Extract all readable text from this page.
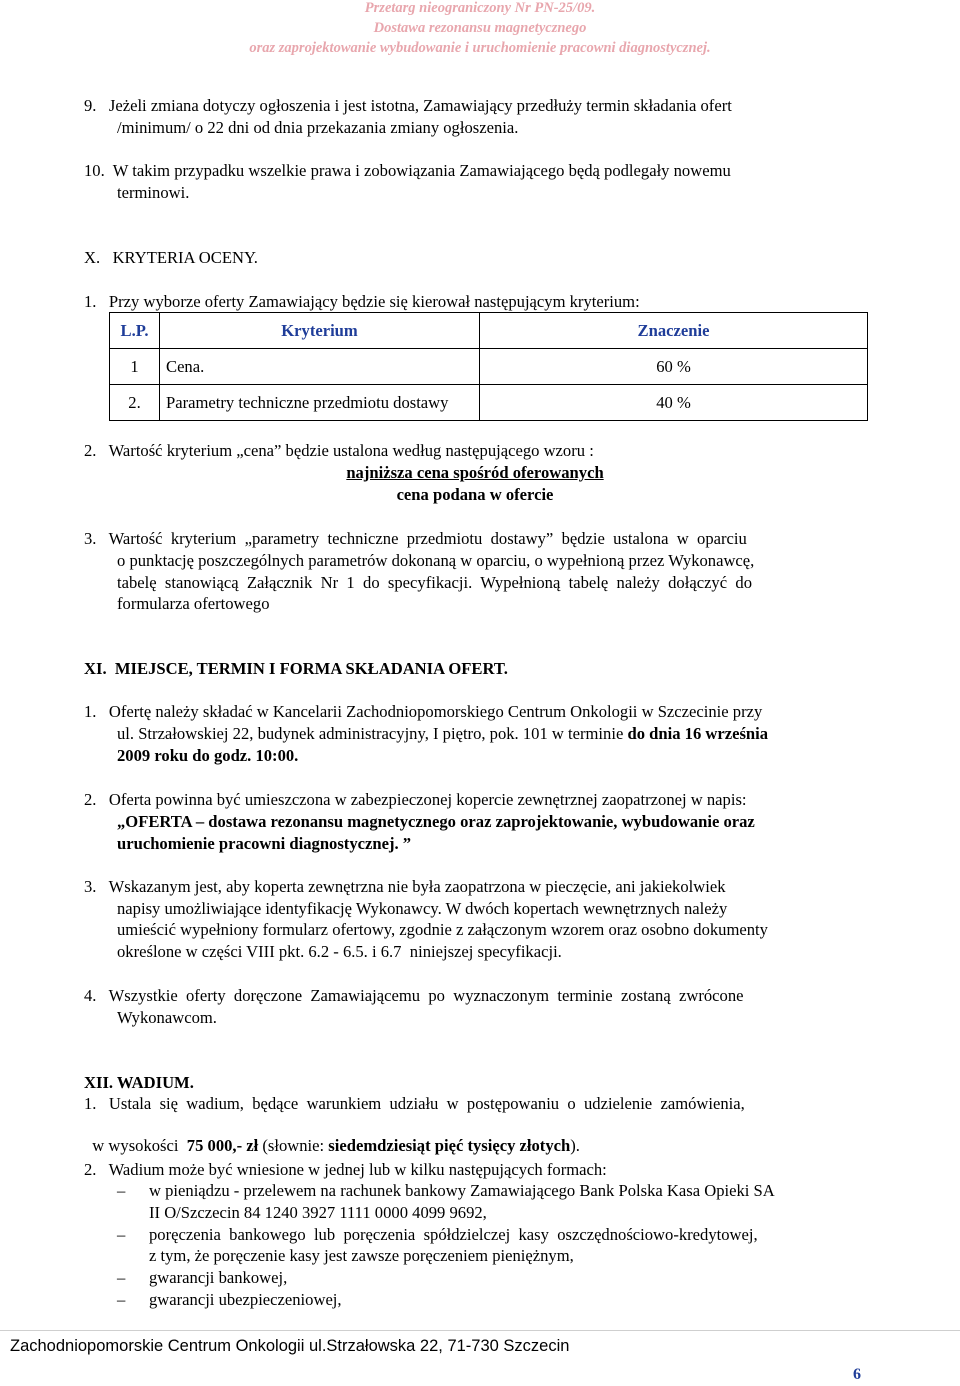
Przetarg nieograniczony Nr PN-25/09.
Dostawa rezonansu magnetycznego
oraz zaprojektowanie wybudowanie i uruchomienie pracowni diagnostycznej.
9.   Jeżeli zmiana dotyczy ogłoszenia i jest istotna, Zamawiający przedłuży termin składania ofert
/minimum/ o 22 dni od dnia przekazania zmiany ogłoszenia.
10.  W takim przypadku wszelkie prawa i zobowiązania Zamawiającego będą podlegały nowemu
terminowi.
X.   KRYTERIA OCENY.
1.   Przy wyborze oferty Zamawiający będzie się kierował następującym kryterium:
L.P.	Kryterium	Znaczenie
1	Cena.	60 %
2.	Parametry techniczne przedmiotu dostawy	40 %
2.   Wartość kryterium „cena” będzie ustalona według następującego wzoru :
najniższa cena spośród oferowanych
cena podana w ofercie
3.   Wartość  kryterium  „parametry  techniczne  przedmiotu  dostawy”  będzie  ustalona  w  oparciu
o punktację poszczególnych parametrów dokonaną w oparciu, o wypełnioną przez Wykonawcę,
tabelę  stanowiącą  Załącznik  Nr  1  do  specyfikacji.  Wypełnioną  tabelę  należy  dołączyć  do
formularza ofertowego
XI.  MIEJSCE, TERMIN I FORMA SKŁADANIA OFERT.
1.   Ofertę należy składać w Kancelarii Zachodniopomorskiego Centrum Onkologii w Szczecinie przy
ul. Strzałowskiej 22, budynek administracyjny, I piętro, pok. 101 w terminie do dnia 16 września
2009 roku do godz. 10:00.
2.   Oferta powinna być umieszczona w zabezpieczonej kopercie zewnętrznej zaopatrzonej w napis:
„OFERTA – dostawa rezonansu magnetycznego oraz zaprojektowanie, wybudowanie oraz
uruchomienie pracowni diagnostycznej. ”
3.   Wskazanym jest, aby koperta zewnętrzna nie była zaopatrzona w pieczęcie, ani jakiekolwiek
napisy umożliwiające identyfikację Wykonawcy. W dwóch kopertach wewnętrznych należy
umieścić wypełniony formularz ofertowy, zgodnie z załączonym wzorem oraz osobno dokumenty
określone w części VIII pkt. 6.2 - 6.5. i 6.7  niniejszej specyfikacji.
4.   Wszystkie  oferty  doręczone  Zamawiającemu  po  wyznaczonym  terminie  zostaną  zwrócone
Wykonawcom.
XII. WADIUM.
1.   Ustala  się  wadium,  będące  warunkiem  udziału  w  postępowaniu  o  udzielenie  zamówienia,

w wysokości  75 000,- zł (słownie: siedemdziesiąt pięć tysięcy złotych).

2.   Wadium może być wniesione w jednej lub w kilku następujących formach:
– w pieniądzu - przelewem na rachunek bankowy Zamawiającego Bank Polska Kasa Opieki SA
II O/Szczecin 84 1240 3927 1111 0000 4099 9692,
– poręczenia  bankowego  lub  poręczenia  spółdzielczej  kasy  oszczędnościowo-kredytowej,
z tym, że poręczenie kasy jest zawsze poręczeniem pieniężnym,
– gwarancji bankowej,
– gwarancji ubezpieczeniowej,
Zachodniopomorskie Centrum Onkologii ul.Strzałowska 22, 71-730 Szczecin
6
